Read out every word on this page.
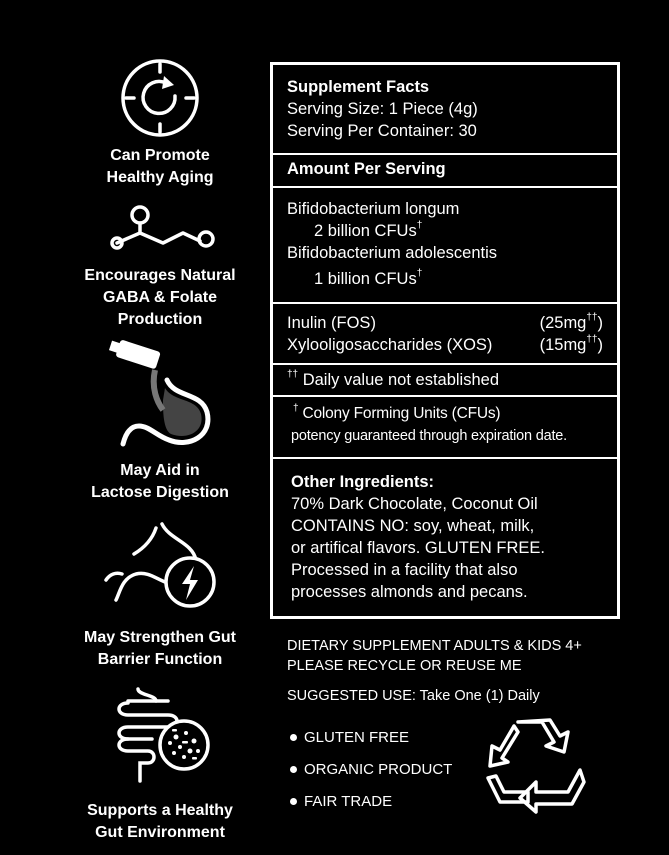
Can Promote
Healthy Aging
Encourages Natural
GABA & Folate
Production
May Aid in
Lactose Digestion
May Strengthen Gut
Barrier Function
Supports a Healthy
Gut Environment
Supplement Facts
Serving Size: 1 Piece (4g)
Serving Per Container: 30
Amount Per Serving
Bifidobacterium longum
2 billion CFUs†
Bifidobacterium adolescentis
1 billion CFUs†
Inulin (FOS)	(25mg††)
Xylooligosaccharides (XOS)	(15mg††)
†† Daily value not established
† Colony Forming Units (CFUs)
potency guaranteed through expiration date.
Other Ingredients:
70% Dark Chocolate, Coconut Oil
CONTAINS NO: soy, wheat, milk,
or artifical flavors. GLUTEN FREE.
Processed in a facility that also
processes almonds and pecans.
DIETARY SUPPLEMENT ADULTS & KIDS 4+
PLEASE RECYCLE OR REUSE ME
SUGGESTED USE: Take One (1) Daily
GLUTEN FREE
ORGANIC PRODUCT
FAIR TRADE
